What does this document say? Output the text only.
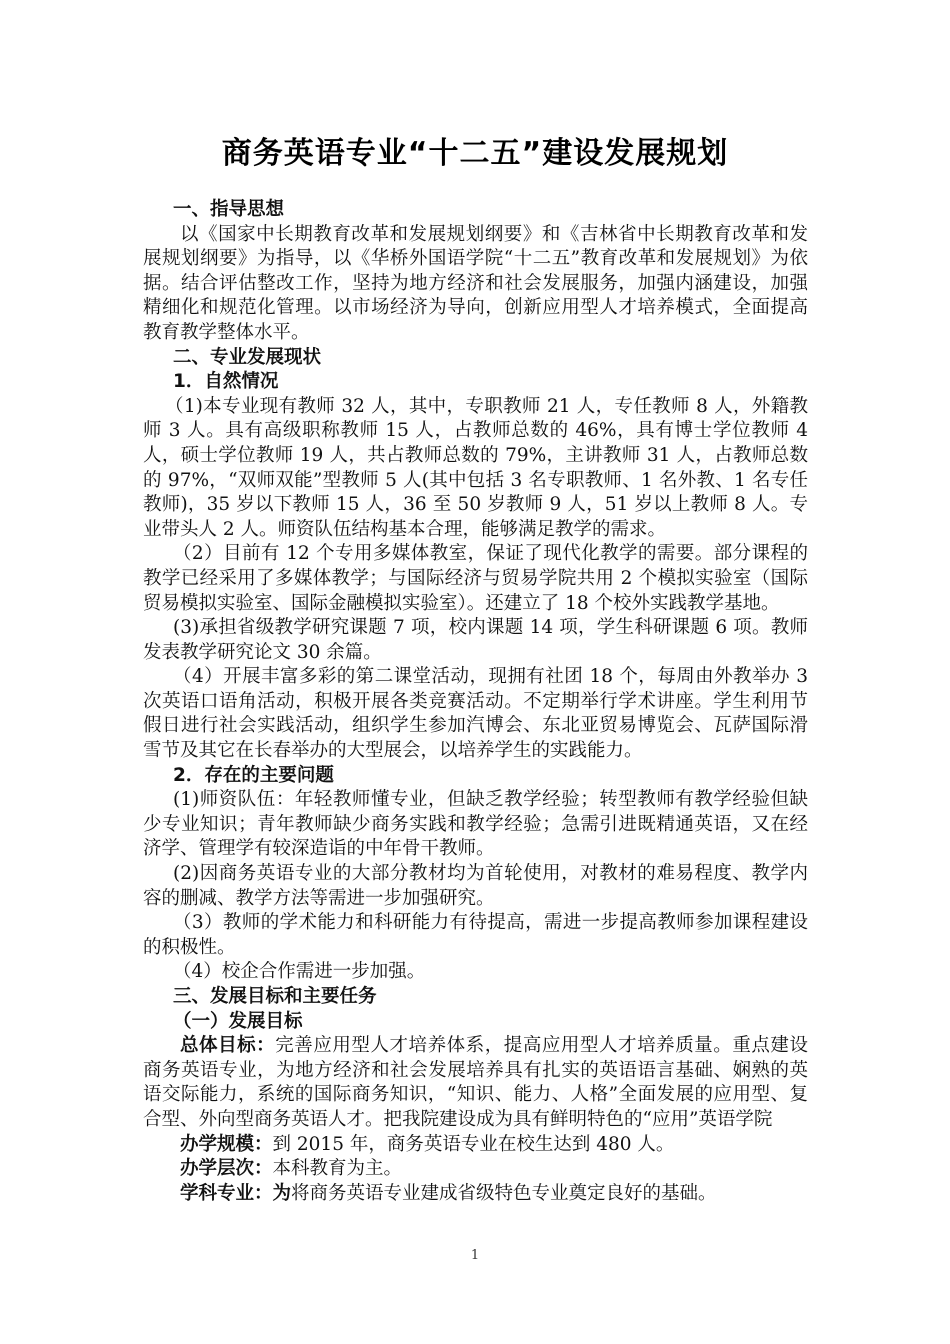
商务英语专业“十二五”建设发展规划

一、指导思想

以《国家中长期教育改革和发展规划纲要》和《吉林省中长期教育改革和发展规划纲要》为指导，以《华桥外国语学院“十二五”教育改革和发展规划》为依据。结合评估整改工作，坚持为地方经济和社会发展服务，加强内涵建设，加强精细化和规范化管理。以市场经济为导向，创新应用型人才培养模式，全面提高教育教学整体水平。

二、专业发展现状

1．自然情况

（1)本专业现有教师 32 人，其中，专职教师 21 人，专任教师 8 人，外籍教师 3 人。具有高级职称教师 15 人，占教师总数的 46%，具有博士学位教师 4 人，硕士学位教师 19 人，共占教师总数的 79%，主讲教师 31 人，占教师总数的 97%，“双师双能”型教师 5 人(其中包括 3 名专职教师、1 名外教、1 名专任教师)，35 岁以下教师 15 人，36 至 50 岁教师 9 人，51 岁以上教师 8 人。专业带头人 2 人。师资队伍结构基本合理，能够满足教学的需求。

（2）目前有 12 个专用多媒体教室，保证了现代化教学的需要。部分课程的教学已经采用了多媒体教学；与国际经济与贸易学院共用 2 个模拟实验室（国际贸易模拟实验室、国际金融模拟实验室）。还建立了 18 个校外实践教学基地。

(3)承担省级教学研究课题 7 项，校内课题 14 项，学生科研课题 6 项。教师发表教学研究论文 30 余篇。

（4）开展丰富多彩的第二课堂活动，现拥有社团 18 个，每周由外教举办 3 次英语口语角活动，积极开展各类竞赛活动。不定期举行学术讲座。学生利用节假日进行社会实践活动，组织学生参加汽博会、东北亚贸易博览会、瓦萨国际滑雪节及其它在长春举办的大型展会，以培养学生的实践能力。

2．存在的主要问题

(1)师资队伍：年轻教师懂专业，但缺乏教学经验；转型教师有教学经验但缺少专业知识；青年教师缺少商务实践和教学经验；急需引进既精通英语，又在经济学、管理学有较深造诣的中年骨干教师。

(2)因商务英语专业的大部分教材均为首轮使用，对教材的难易程度、教学内容的删减、教学方法等需进一步加强研究。

（3）教师的学术能力和科研能力有待提高，需进一步提高教师参加课程建设的积极性。

（4）校企合作需进一步加强。

三、发展目标和主要任务

（一）发展目标

总体目标：完善应用型人才培养体系，提高应用型人才培养质量。重点建设商务英语专业，为地方经济和社会发展培养具有扎实的英语语言基础、娴熟的英语交际能力，系统的国际商务知识，“知识、能力、人格”全面发展的应用型、复合型、外向型商务英语人才。把我院建设成为具有鲜明特色的“应用”英语学院

办学规模：到 2015 年，商务英语专业在校生达到 480 人。

办学层次：本科教育为主。

学科专业：为将商务英语专业建成省级特色专业奠定良好的基础。

1
